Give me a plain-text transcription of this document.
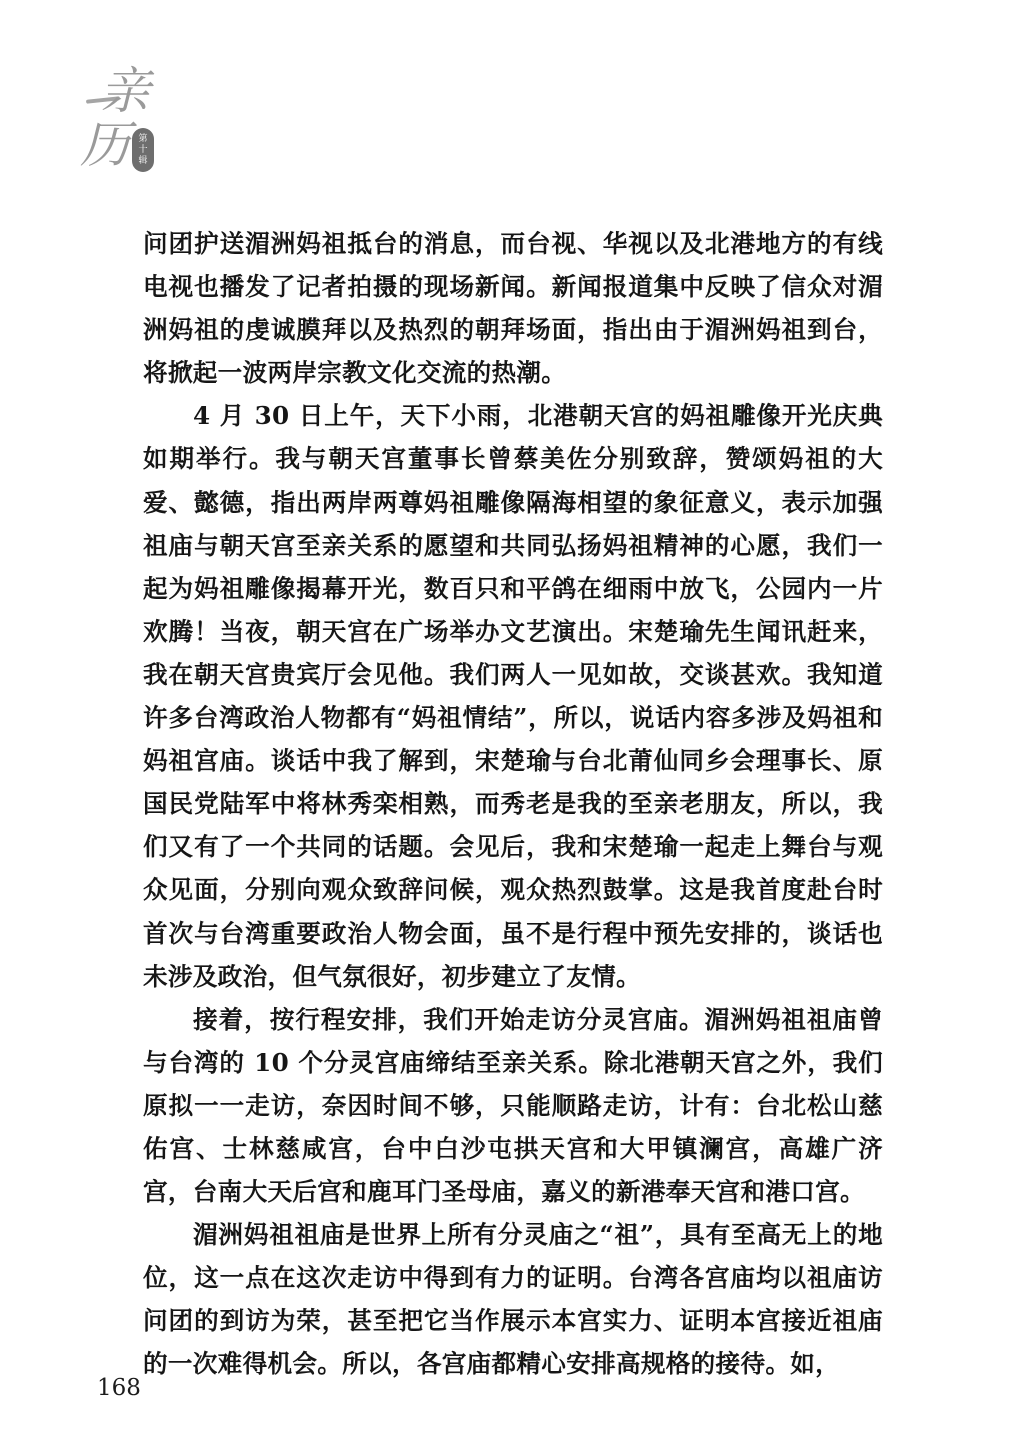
亲
历 第
十
辑

问团护送湄洲妈祖抵台的消息，而台视、华视以及北港地方的有线电视也播发了记者拍摄的现场新闻。新闻报道集中反映了信众对湄洲妈祖的虔诚膜拜以及热烈的朝拜场面，指出由于湄洲妈祖到台，将掀起一波两岸宗教文化交流的热潮。

4 月 30 日上午，天下小雨，北港朝天宫的妈祖雕像开光庆典如期举行。我与朝天宫董事长曾蔡美佐分别致辞，赞颂妈祖的大爱、懿德，指出两岸两尊妈祖雕像隔海相望的象征意义，表示加强祖庙与朝天宫至亲关系的愿望和共同弘扬妈祖精神的心愿，我们一起为妈祖雕像揭幕开光，数百只和平鸽在细雨中放飞，公园内一片欢腾！当夜，朝天宫在广场举办文艺演出。宋楚瑜先生闻讯赶来，我在朝天宫贵宾厅会见他。我们两人一见如故，交谈甚欢。我知道许多台湾政治人物都有“妈祖情结”，所以，说话内容多涉及妈祖和妈祖宫庙。谈话中我了解到，宋楚瑜与台北莆仙同乡会理事长、原国民党陆军中将林秀栾相熟，而秀老是我的至亲老朋友，所以，我们又有了一个共同的话题。会见后，我和宋楚瑜一起走上舞台与观众见面，分别向观众致辞问候，观众热烈鼓掌。这是我首度赴台时首次与台湾重要政治人物会面，虽不是行程中预先安排的，谈话也未涉及政治，但气氛很好，初步建立了友情。

接着，按行程安排，我们开始走访分灵宫庙。湄洲妈祖祖庙曾与台湾的 10 个分灵宫庙缔结至亲关系。除北港朝天宫之外，我们原拟一一走访，奈因时间不够，只能顺路走访，计有：台北松山慈佑宫、士林慈咸宫，台中白沙屯拱天宫和大甲镇澜宫，高雄广济宫，台南大天后宫和鹿耳门圣母庙，嘉义的新港奉天宫和港口宫。

湄洲妈祖祖庙是世界上所有分灵庙之“祖”，具有至高无上的地位，这一点在这次走访中得到有力的证明。台湾各宫庙均以祖庙访问团的到访为荣，甚至把它当作展示本宫实力、证明本宫接近祖庙的一次难得机会。所以，各宫庙都精心安排高规格的接待。如，

168
